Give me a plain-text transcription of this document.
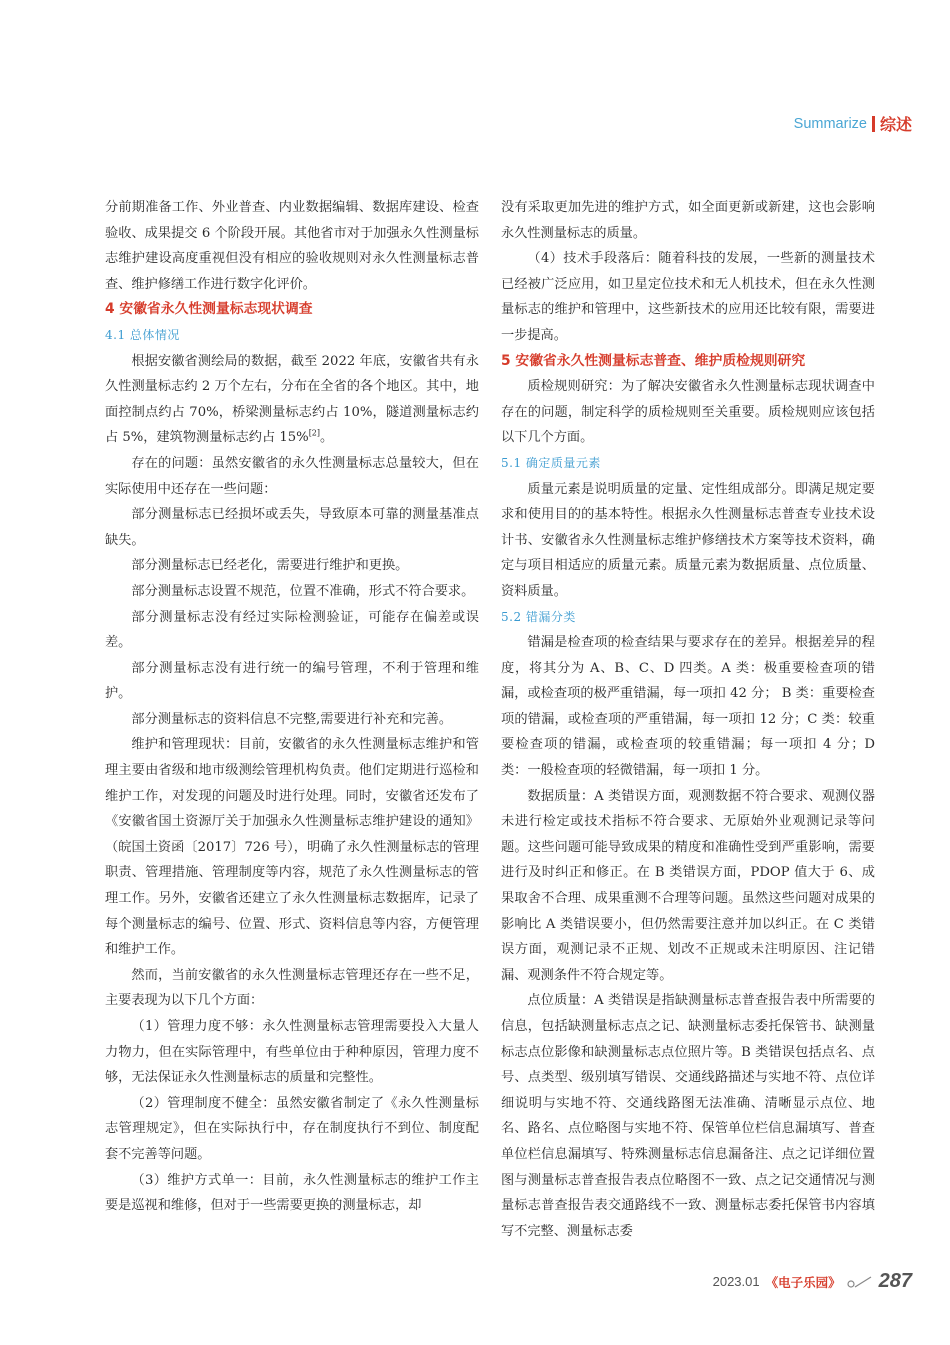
Summarize 综述

分前期准备工作、外业普查、内业数据编辑、数据库建设、检查验收、成果提交 6 个阶段开展。其他省市对于加强永久性测量标志维护建设高度重视但没有相应的验收规则对永久性测量标志普查、维护修缮工作进行数字化评价。

4 安徽省永久性测量标志现状调查

4.1 总体情况

根据安徽省测绘局的数据，截至 2022 年底，安徽省共有永久性测量标志约 2 万个左右，分布在全省的各个地区。其中，地面控制点约占 70%，桥梁测量标志约占 10%，隧道测量标志约占 5%，建筑物测量标志约占 15%[2]。

存在的问题：虽然安徽省的永久性测量标志总量较大，但在实际使用中还存在一些问题：

部分测量标志已经损坏或丢失，导致原本可靠的测量基准点缺失。

部分测量标志已经老化，需要进行维护和更换。

部分测量标志设置不规范，位置不准确，形式不符合要求。

部分测量标志没有经过实际检测验证，可能存在偏差或误差。

部分测量标志没有进行统一的编号管理，不利于管理和维护。

部分测量标志的资料信息不完整,需要进行补充和完善。

维护和管理现状：目前，安徽省的永久性测量标志维护和管理主要由省级和地市级测绘管理机构负责。他们定期进行巡检和维护工作，对发现的问题及时进行处理。同时，安徽省还发布了《安徽省国土资源厅关于加强永久性测量标志维护建设的通知》（皖国土资函〔2017〕726 号），明确了永久性测量标志的管理职责、管理措施、管理制度等内容，规范了永久性测量标志的管理工作。另外，安徽省还建立了永久性测量标志数据库，记录了每个测量标志的编号、位置、形式、资料信息等内容，方便管理和维护工作。

然而，当前安徽省的永久性测量标志管理还存在一些不足，主要表现为以下几个方面：

（1）管理力度不够：永久性测量标志管理需要投入大量人力物力，但在实际管理中，有些单位由于种种原因，管理力度不够，无法保证永久性测量标志的质量和完整性。

（2）管理制度不健全：虽然安徽省制定了《永久性测量标志管理规定》，但在实际执行中，存在制度执行不到位、制度配套不完善等问题。

（3）维护方式单一：目前，永久性测量标志的维护工作主要是巡视和维修，但对于一些需要更换的测量标志，却

没有采取更加先进的维护方式，如全面更新或新建，这也会影响永久性测量标志的质量。

（4）技术手段落后：随着科技的发展，一些新的测量技术已经被广泛应用，如卫星定位技术和无人机技术，但在永久性测量标志的维护和管理中，这些新技术的应用还比较有限，需要进一步提高。

5 安徽省永久性测量标志普查、维护质检规则研究

质检规则研究：为了解决安徽省永久性测量标志现状调查中存在的问题，制定科学的质检规则至关重要。质检规则应该包括以下几个方面。

5.1 确定质量元素

质量元素是说明质量的定量、定性组成部分。即满足规定要求和使用目的的基本特性。根据永久性测量标志普查专业技术设计书、安徽省永久性测量标志维护修缮技术方案等技术资料，确定与项目相适应的质量元素。质量元素为数据质量、点位质量、资料质量。

5.2 错漏分类

错漏是检查项的检查结果与要求存在的差异。根据差异的程度，将其分为 A、B、C、D 四类。A 类：极重要检查项的错漏，或检查项的极严重错漏，每一项扣 42 分； B 类：重要检查项的错漏，或检查项的严重错漏，每一项扣 12 分；C 类：较重要检查项的错漏，或检查项的较重错漏；每一项扣 4 分；D 类：一般检查项的轻微错漏，每一项扣 1 分。

数据质量：A 类错误方面，观测数据不符合要求、观测仪器未进行检定或技术指标不符合要求、无原始外业观测记录等问题。这些问题可能导致成果的精度和准确性受到严重影响，需要进行及时纠正和修正。在 B 类错误方面，PDOP 值大于 6、成果取舍不合理、成果重测不合理等问题。虽然这些问题对成果的影响比 A 类错误要小，但仍然需要注意并加以纠正。在 C 类错误方面，观测记录不正规、划改不正规或未注明原因、注记错漏、观测条件不符合规定等。

点位质量：A 类错误是指缺测量标志普查报告表中所需要的信息，包括缺测量标志点之记、缺测量标志委托保管书、缺测量标志点位影像和缺测量标志点位照片等。B 类错误包括点名、点号、点类型、级别填写错误、交通线路描述与实地不符、点位详细说明与实地不符、交通线路图无法准确、清晰显示点位、地名、路名、点位略图与实地不符、保管单位栏信息漏填写、普查单位栏信息漏填写、特殊测量标志信息漏备注、点之记详细位置图与测量标志普查报告表点位略图不一致、点之记交通情况与测量标志普查报告表交通路线不一致、测量标志委托保管书内容填写不完整、测量标志委

2023.01 《电子乐园》 287
